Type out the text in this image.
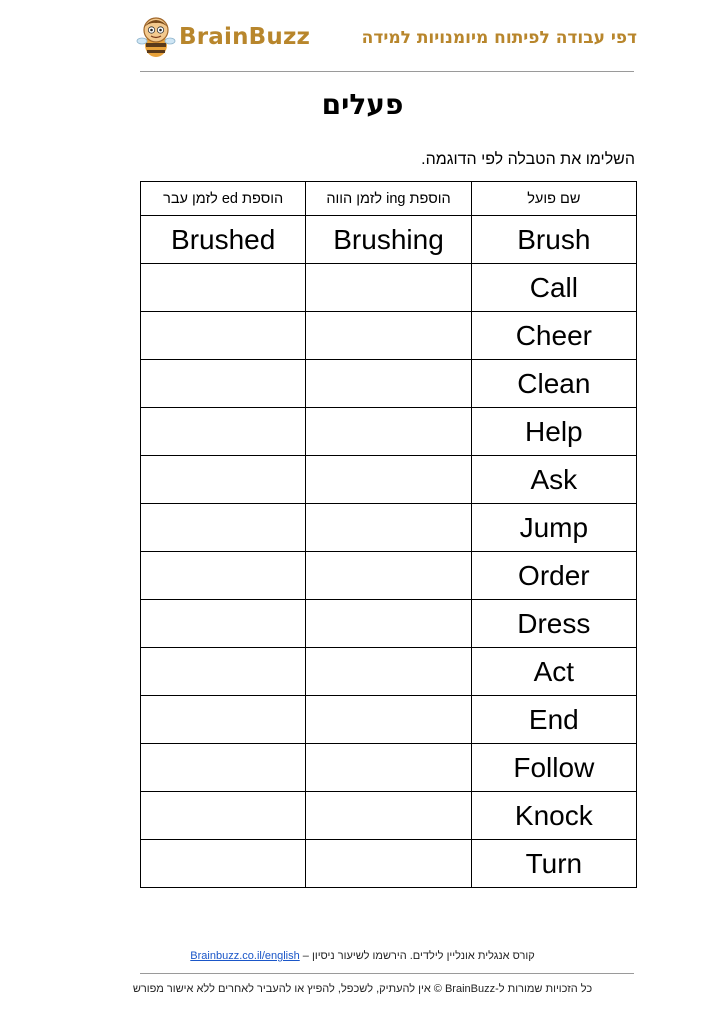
BrainBuzz	דפי עבודה לפיתוח מיומנויות למידה
פעלים
השלימו את הטבלה לפי הדוגמה.
שם פועל	הוספת ing לזמן הווה	הוספת ed לזמן עבר
Brush	Brushing	Brushed
Call		
Cheer		
Clean		
Help		
Ask		
Jump		
Order		
Dress		
Act		
End		
Follow		
Knock		
Turn		
קורס אנגלית אונליין לילדים. הירשמו לשיעור ניסיון – Brainbuzz.co.il/english
כל הזכויות שמורות ל-BrainBuzz © אין להעתיק, לשכפל, להפיץ או להעביר לאחרים ללא אישור מפורש
